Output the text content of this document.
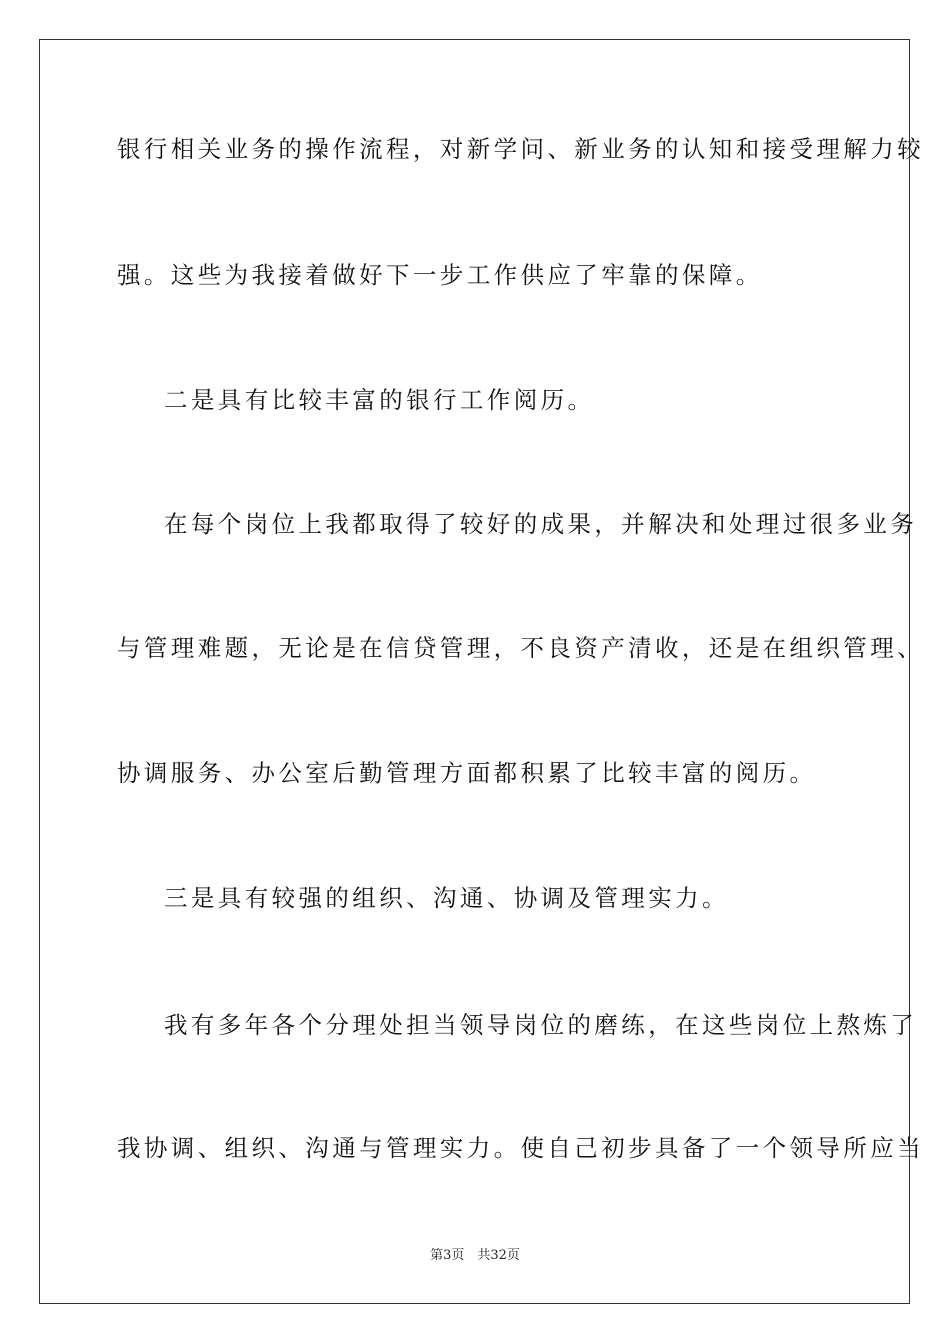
银行相关业务的操作流程，对新学问、新业务的认知和接受理解力较
强。这些为我接着做好下一步工作供应了牢靠的保障。
二是具有比较丰富的银行工作阅历。
在每个岗位上我都取得了较好的成果，并解决和处理过很多业务
与管理难题，无论是在信贷管理，不良资产清收，还是在组织管理、
协调服务、办公室后勤管理方面都积累了比较丰富的阅历。
三是具有较强的组织、沟通、协调及管理实力。
我有多年各个分理处担当领导岗位的磨练，在这些岗位上熬炼了
我协调、组织、沟通与管理实力。使自己初步具备了一个领导所应当
第3页　共32页
